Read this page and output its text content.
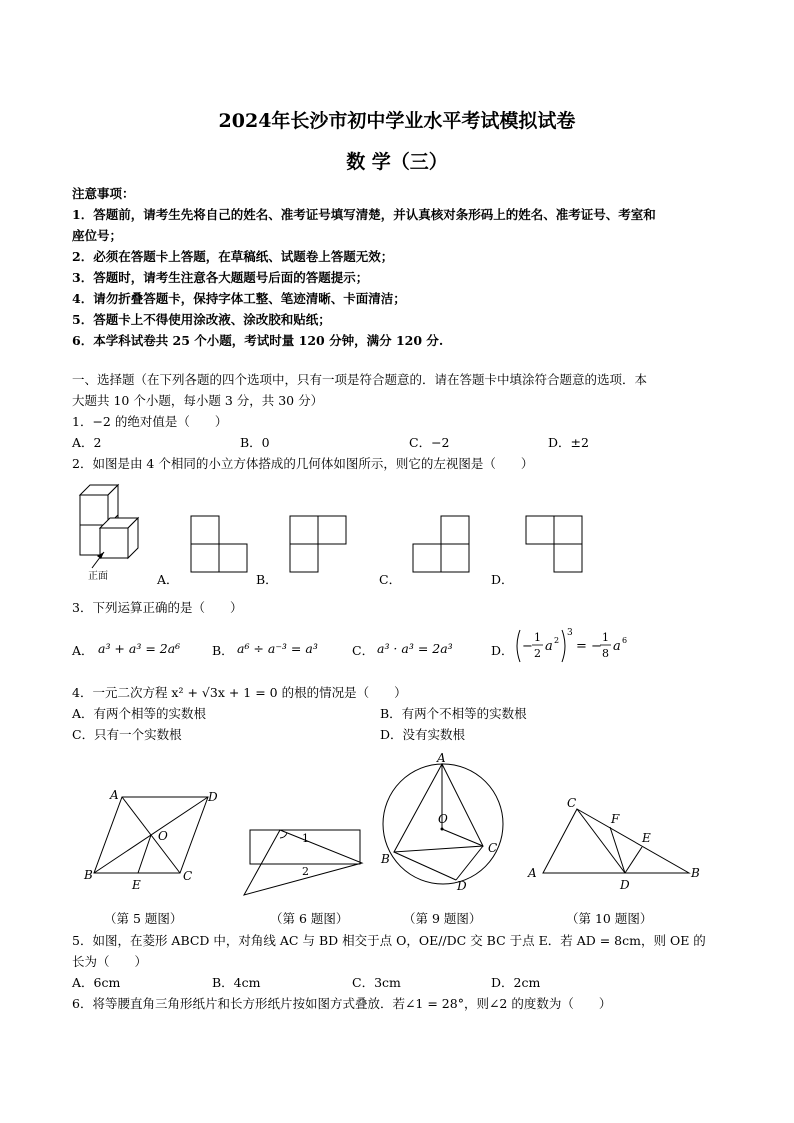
2024年长沙市初中学业水平考试模拟试卷
数 学（三）
注意事项：
1．答题前，请考生先将自己的姓名、准考证号填写清楚，并认真核对条形码上的姓名、准考证号、考室和
座位号；
2．必须在答题卡上答题，在草稿纸、试题卷上答题无效；
3．答题时，请考生注意各大题题号后面的答题提示；
4．请勿折叠答题卡，保持字体工整、笔迹清晰、卡面清洁；
5．答题卡上不得使用涂改液、涂改胶和贴纸；
6．本学科试卷共 25 个小题，考试时量 120 分钟，满分 120 分.
一、选择题（在下列各题的四个选项中，只有一项是符合题意的．请在答题卡中填涂符合题意的选项．本
大题共 10 个小题，每小题 3 分，共 30 分）
1．−2 的绝对值是（　　）
A．2	B．0	C．−2	D．±2
2．如图是由 4 个相同的小立方体搭成的几何体如图所示，则它的左视图是（　　）
正面	A．	B．	C．	D．
3．下列运算正确的是（　　）
A． a³ + a³ = 2a⁶	B． a⁶ ÷ a⁻³ = a³	C． a³ · a³ = 2a³	D． −
1
2 a 2
3
= −
1
8 a 6
4．一元二次方程 x² + √3x + 1 = 0 的根的情况是（　　）
A．有两个相等的实数根	B．有两个不相等的实数根
C．只有一个实数根	D．没有实数根
A	D
B	C
O
E
1
2
A
O
B
C
D
C
F
E
A	B
D
（第 5 题图）	（第 6 题图）	（第 9 题图）	（第 10 题图）
5．如图，在菱形 ABCD 中，对角线 AC 与 BD 相交于点 O，OE//DC 交 BC 于点 E．若 AD = 8cm，则 OE 的
长为（　　）
A．6cm	B．4cm	C．3cm	D．2cm
6．将等腰直角三角形纸片和长方形纸片按如图方式叠放．若∠1 = 28°，则∠2 的度数为（　　）
